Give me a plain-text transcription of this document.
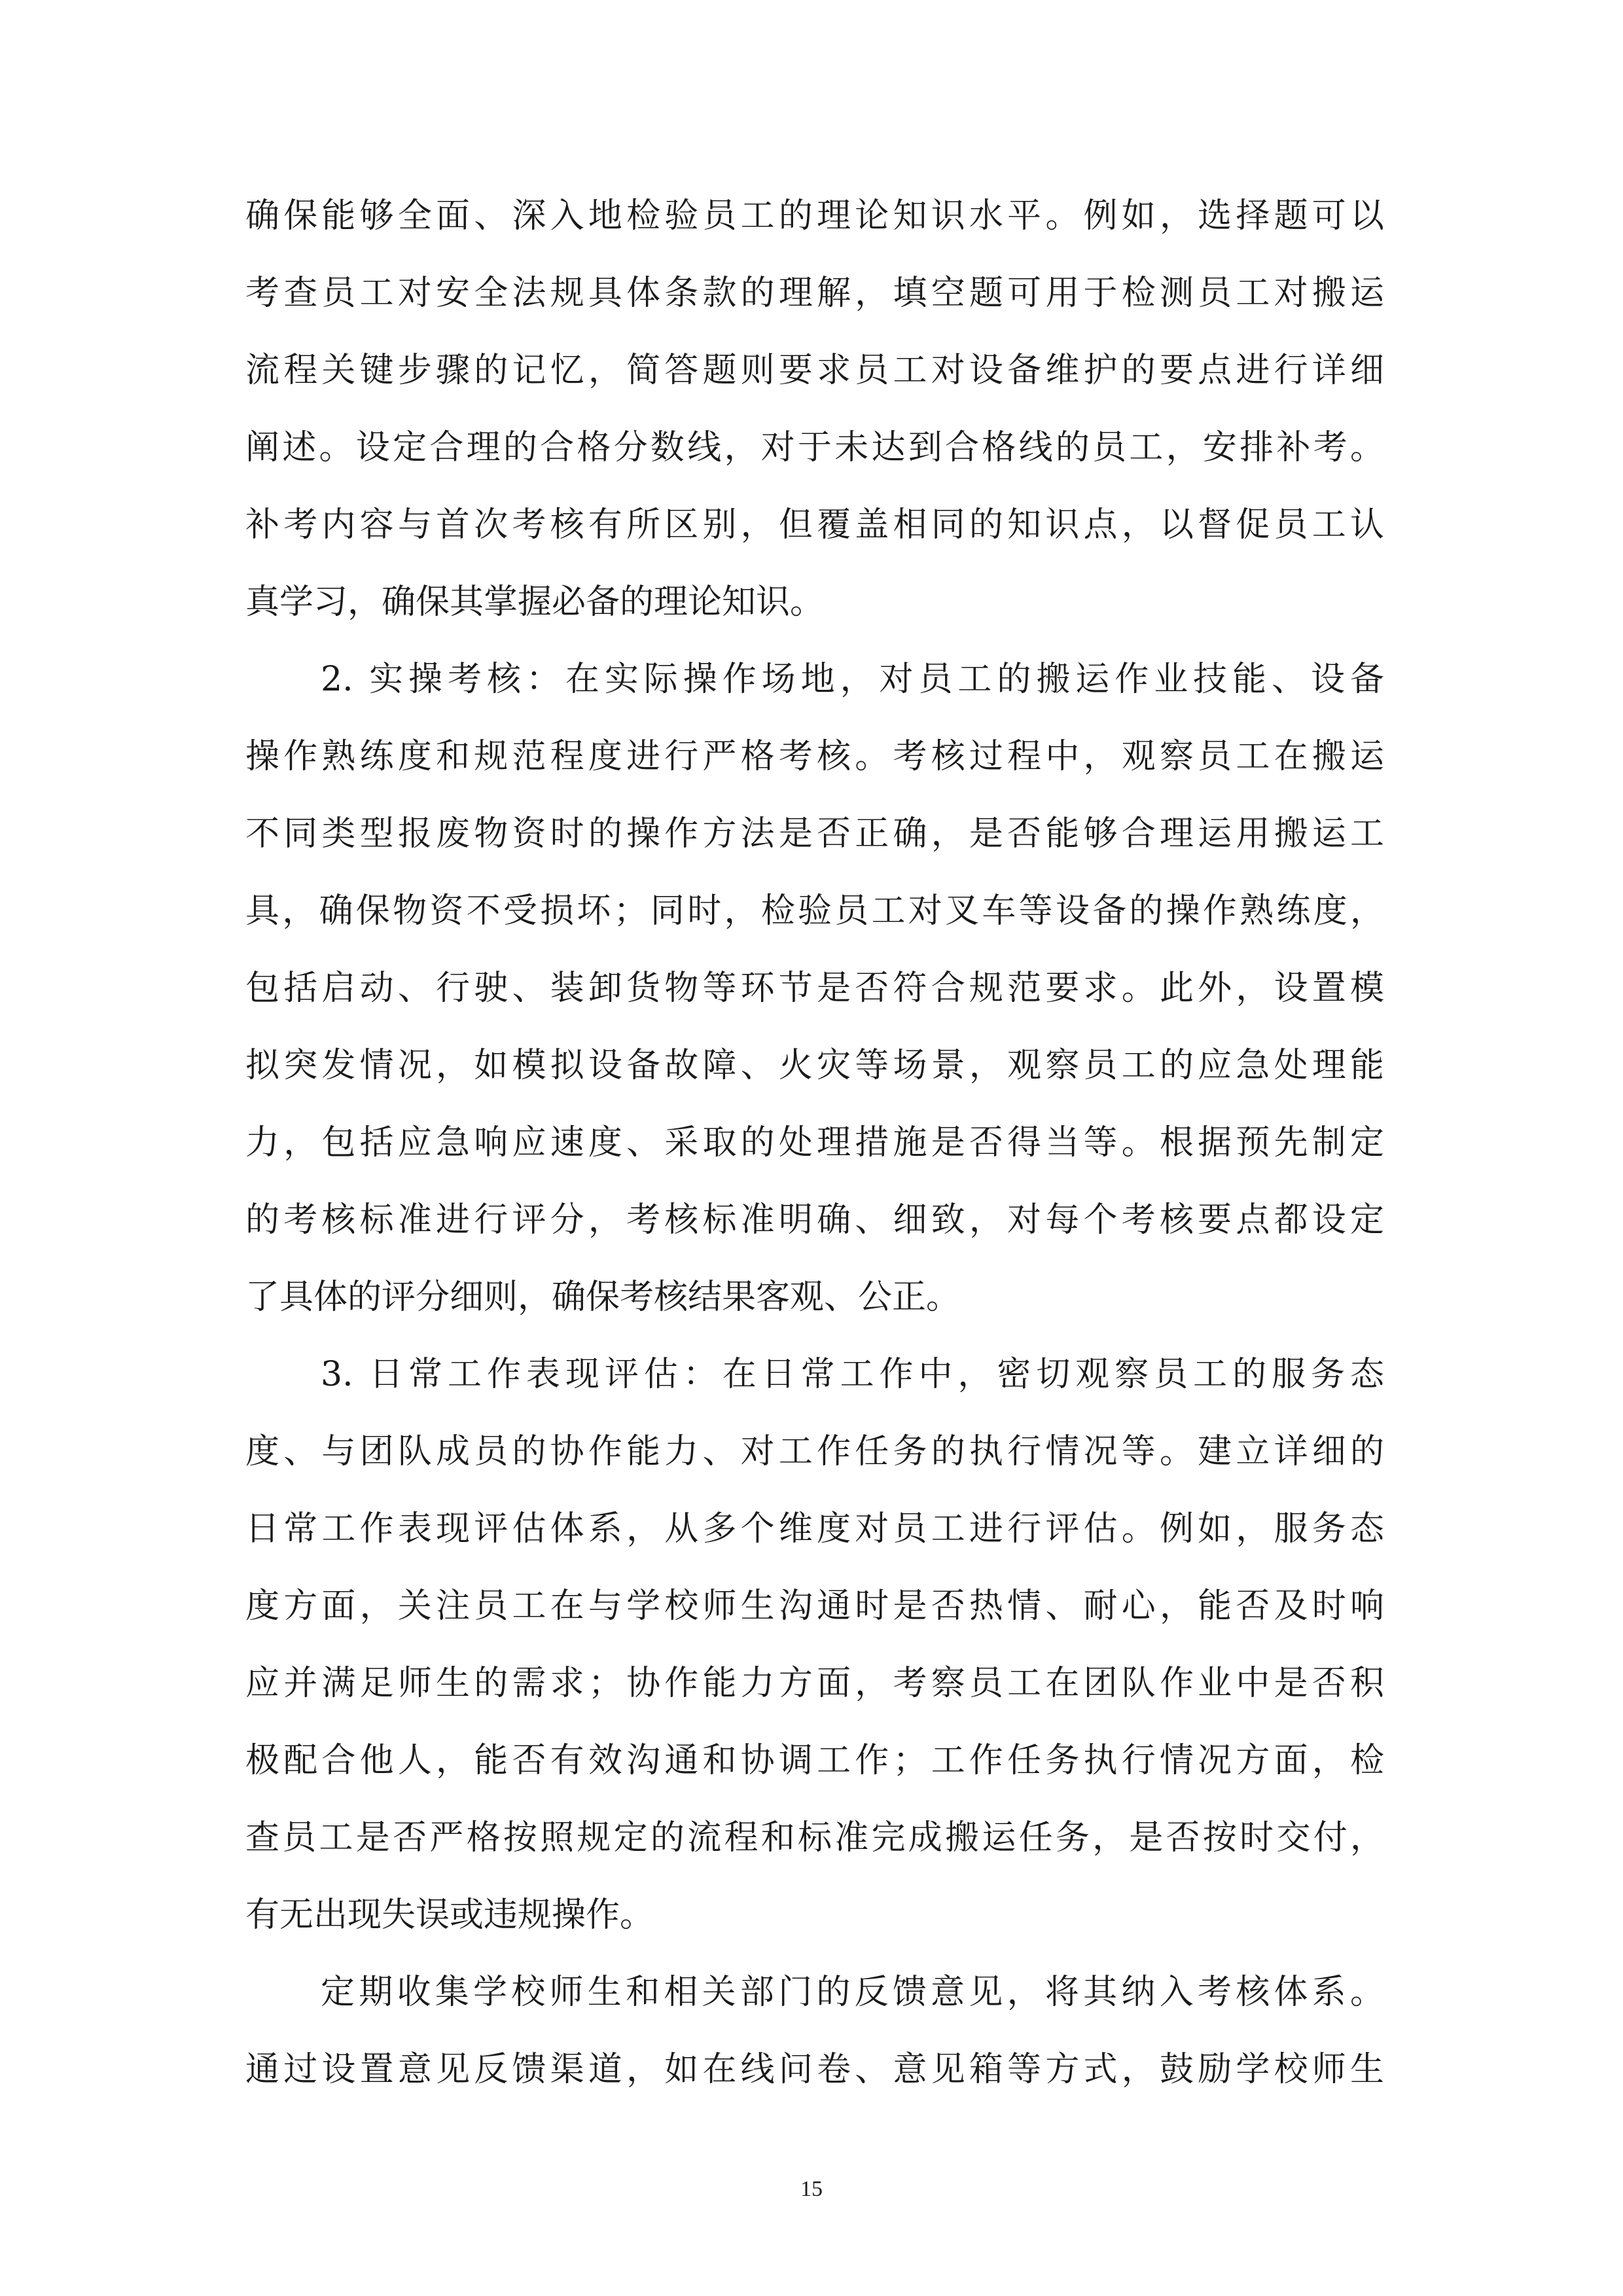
确保能够全面、深入地检验员工的理论知识水平。例如，选择题可以
考查员工对安全法规具体条款的理解，填空题可用于检测员工对搬运
流程关键步骤的记忆，简答题则要求员工对设备维护的要点进行详细
阐述。设定合理的合格分数线，对于未达到合格线的员工，安排补考。
补考内容与首次考核有所区别，但覆盖相同的知识点，以督促员工认
真学习，确保其掌握必备的理论知识。
2. 实操考核：在实际操作场地，对员工的搬运作业技能、设备
操作熟练度和规范程度进行严格考核。考核过程中，观察员工在搬运
不同类型报废物资时的操作方法是否正确，是否能够合理运用搬运工
具，确保物资不受损坏；同时，检验员工对叉车等设备的操作熟练度，
包括启动、行驶、装卸货物等环节是否符合规范要求。此外，设置模
拟突发情况，如模拟设备故障、火灾等场景，观察员工的应急处理能
力，包括应急响应速度、采取的处理措施是否得当等。根据预先制定
的考核标准进行评分，考核标准明确、细致，对每个考核要点都设定
了具体的评分细则，确保考核结果客观、公正。
3. 日常工作表现评估：在日常工作中，密切观察员工的服务态
度、与团队成员的协作能力、对工作任务的执行情况等。建立详细的
日常工作表现评估体系，从多个维度对员工进行评估。例如，服务态
度方面，关注员工在与学校师生沟通时是否热情、耐心，能否及时响
应并满足师生的需求；协作能力方面，考察员工在团队作业中是否积
极配合他人，能否有效沟通和协调工作；工作任务执行情况方面，检
查员工是否严格按照规定的流程和标准完成搬运任务，是否按时交付，
有无出现失误或违规操作。
定期收集学校师生和相关部门的反馈意见，将其纳入考核体系。
通过设置意见反馈渠道，如在线问卷、意见箱等方式，鼓励学校师生
15
